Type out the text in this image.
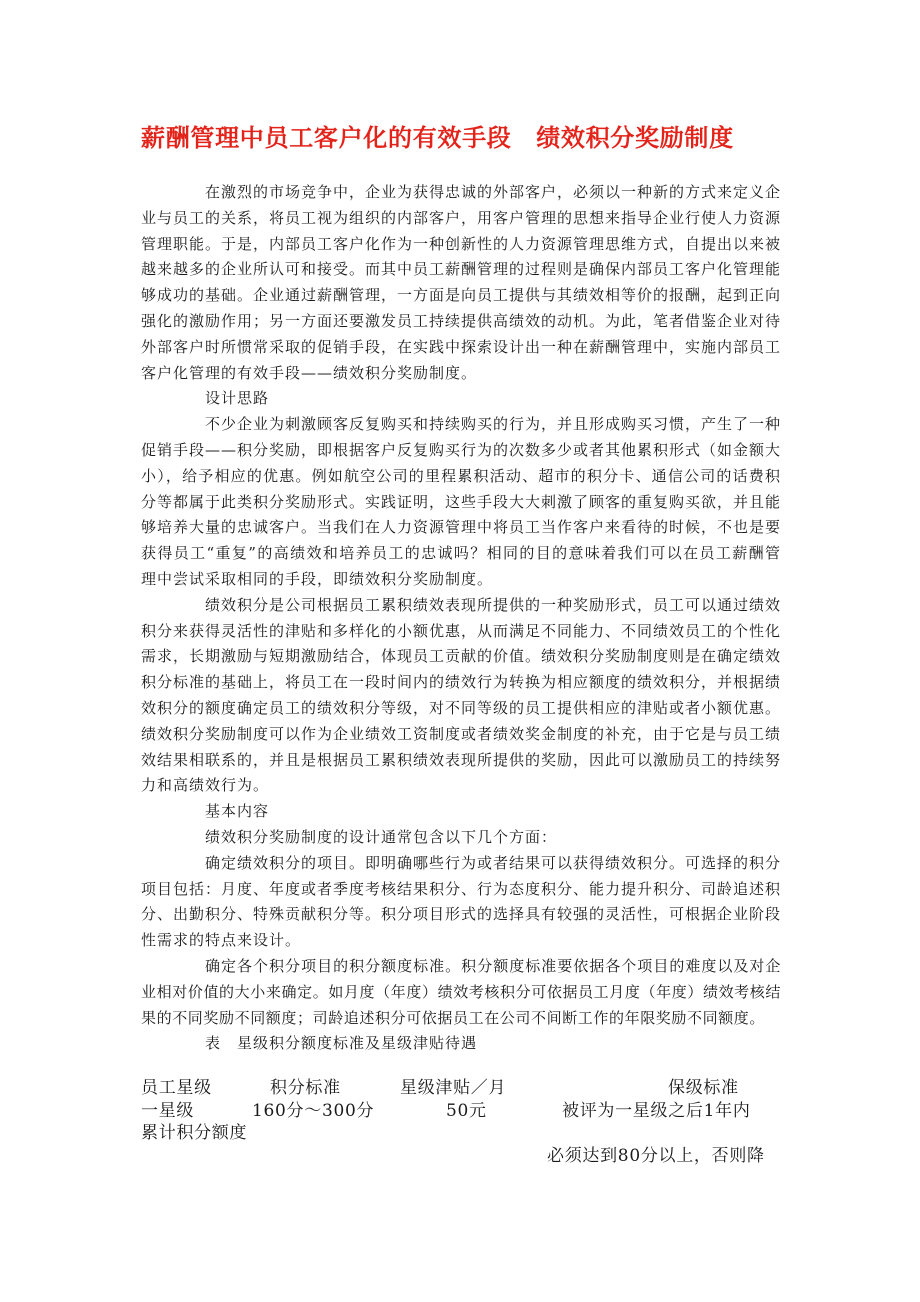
薪酬管理中员工客户化的有效手段　绩效积分奖励制度

在激烈的市场竞争中，企业为获得忠诚的外部客户，必须以一种新的方式来定义企业与员工的关系，将员工视为组织的内部客户，用客户管理的思想来指导企业行使人力资源管理职能。于是，内部员工客户化作为一种创新性的人力资源管理思维方式，自提出以来被越来越多的企业所认可和接受。而其中员工薪酬管理的过程则是确保内部员工客户化管理能够成功的基础。企业通过薪酬管理，一方面是向员工提供与其绩效相等价的报酬，起到正向强化的激励作用；另一方面还要激发员工持续提供高绩效的动机。为此，笔者借鉴企业对待外部客户时所惯常采取的促销手段，在实践中探索设计出一种在薪酬管理中，实施内部员工客户化管理的有效手段——绩效积分奖励制度。

设计思路

不少企业为刺激顾客反复购买和持续购买的行为，并且形成购买习惯，产生了一种促销手段——积分奖励，即根据客户反复购买行为的次数多少或者其他累积形式（如金额大小），给予相应的优惠。例如航空公司的里程累积活动、超市的积分卡、通信公司的话费积分等都属于此类积分奖励形式。实践证明，这些手段大大刺激了顾客的重复购买欲，并且能够培养大量的忠诚客户。当我们在人力资源管理中将员工当作客户来看待的时候，不也是要获得员工“重复”的高绩效和培养员工的忠诚吗？相同的目的意味着我们可以在员工薪酬管理中尝试采取相同的手段，即绩效积分奖励制度。

绩效积分是公司根据员工累积绩效表现所提供的一种奖励形式，员工可以通过绩效积分来获得灵活性的津贴和多样化的小额优惠，从而满足不同能力、不同绩效员工的个性化需求，长期激励与短期激励结合，体现员工贡献的价值。绩效积分奖励制度则是在确定绩效积分标准的基础上，将员工在一段时间内的绩效行为转换为相应额度的绩效积分，并根据绩效积分的额度确定员工的绩效积分等级，对不同等级的员工提供相应的津贴或者小额优惠。绩效积分奖励制度可以作为企业绩效工资制度或者绩效奖金制度的补充，由于它是与员工绩效结果相联系的，并且是根据员工累积绩效表现所提供的奖励，因此可以激励员工的持续努力和高绩效行为。

基本内容

绩效积分奖励制度的设计通常包含以下几个方面：

确定绩效积分的项目。即明确哪些行为或者结果可以获得绩效积分。可选择的积分项目包括：月度、年度或者季度考核结果积分、行为态度积分、能力提升积分、司龄追述积分、出勤积分、特殊贡献积分等。积分项目形式的选择具有较强的灵活性，可根据企业阶段性需求的特点来设计。

确定各个积分项目的积分额度标准。积分额度标准要依据各个项目的难度以及对企业相对价值的大小来确定。如月度（年度）绩效考核积分可依据员工月度（年度）绩效考核结果的不同奖励不同额度；司龄追述积分可依据员工在公司不间断工作的年限奖励不同额度。

表　星级积分额度标准及星级津贴待遇

员工星级	积分标准	星级津贴／月	保级标准
一星级	160分～300分	50元	被评为一星级之后1年内
累计积分额度
必须达到80分以上，否则降
